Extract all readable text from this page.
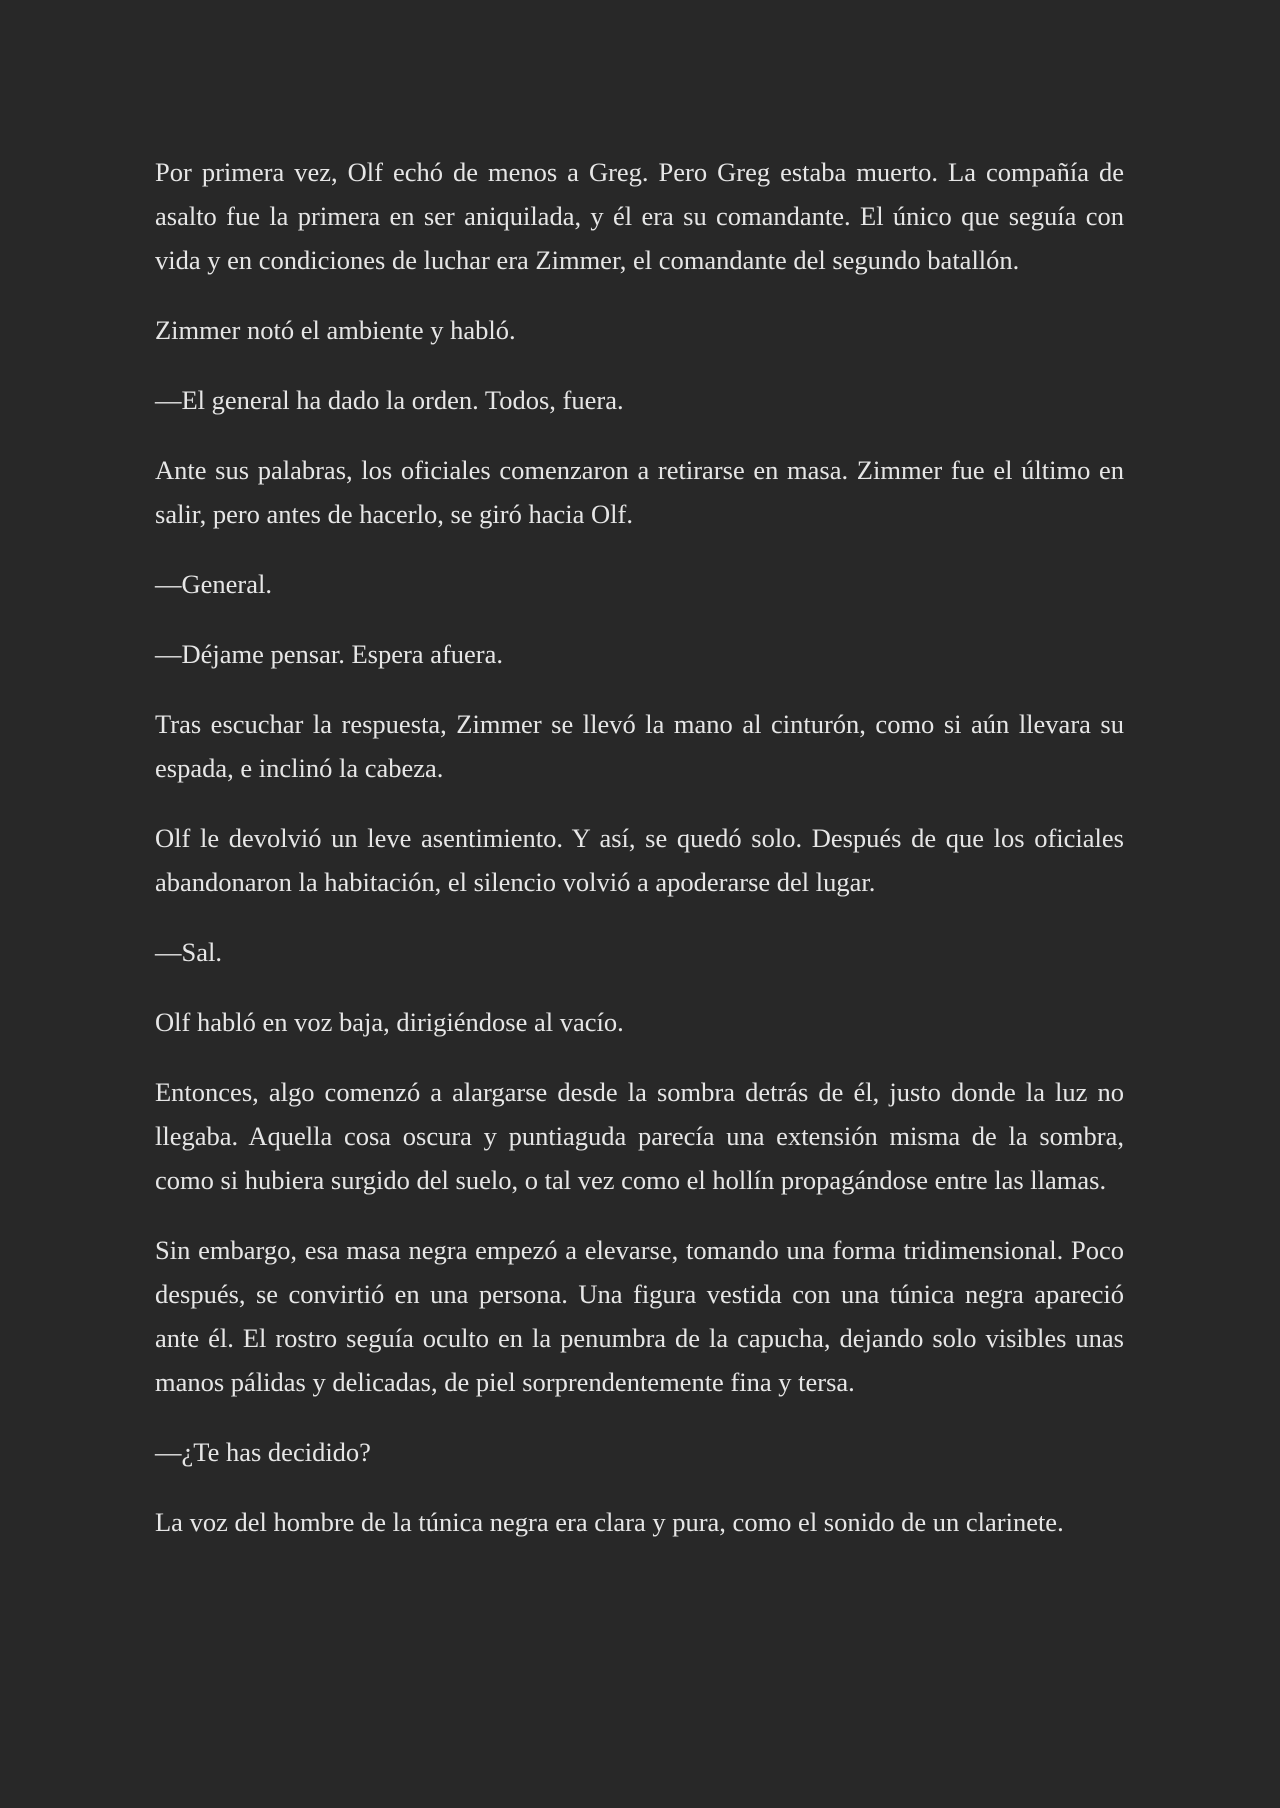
Por primera vez, Olf echó de menos a Greg. Pero Greg estaba muerto. La compañía de asalto fue la primera en ser aniquilada, y él era su comandante. El único que seguía con vida y en condiciones de luchar era Zimmer, el comandante del segundo batallón.

Zimmer notó el ambiente y habló.

—El general ha dado la orden. Todos, fuera.

Ante sus palabras, los oficiales comenzaron a retirarse en masa. Zimmer fue el último en salir, pero antes de hacerlo, se giró hacia Olf.

—General.

—Déjame pensar. Espera afuera.

Tras escuchar la respuesta, Zimmer se llevó la mano al cinturón, como si aún llevara su espada, e inclinó la cabeza.

Olf le devolvió un leve asentimiento. Y así, se quedó solo. Después de que los oficiales abandonaron la habitación, el silencio volvió a apoderarse del lugar.

—Sal.

Olf habló en voz baja, dirigiéndose al vacío.

Entonces, algo comenzó a alargarse desde la sombra detrás de él, justo donde la luz no llegaba. Aquella cosa oscura y puntiaguda parecía una extensión misma de la sombra, como si hubiera surgido del suelo, o tal vez como el hollín propagándose entre las llamas.

Sin embargo, esa masa negra empezó a elevarse, tomando una forma tridimensional. Poco después, se convirtió en una persona. Una figura vestida con una túnica negra apareció ante él. El rostro seguía oculto en la penumbra de la capucha, dejando solo visibles unas manos pálidas y delicadas, de piel sorprendentemente fina y tersa.

—¿Te has decidido?

La voz del hombre de la túnica negra era clara y pura, como el sonido de un clarinete.
